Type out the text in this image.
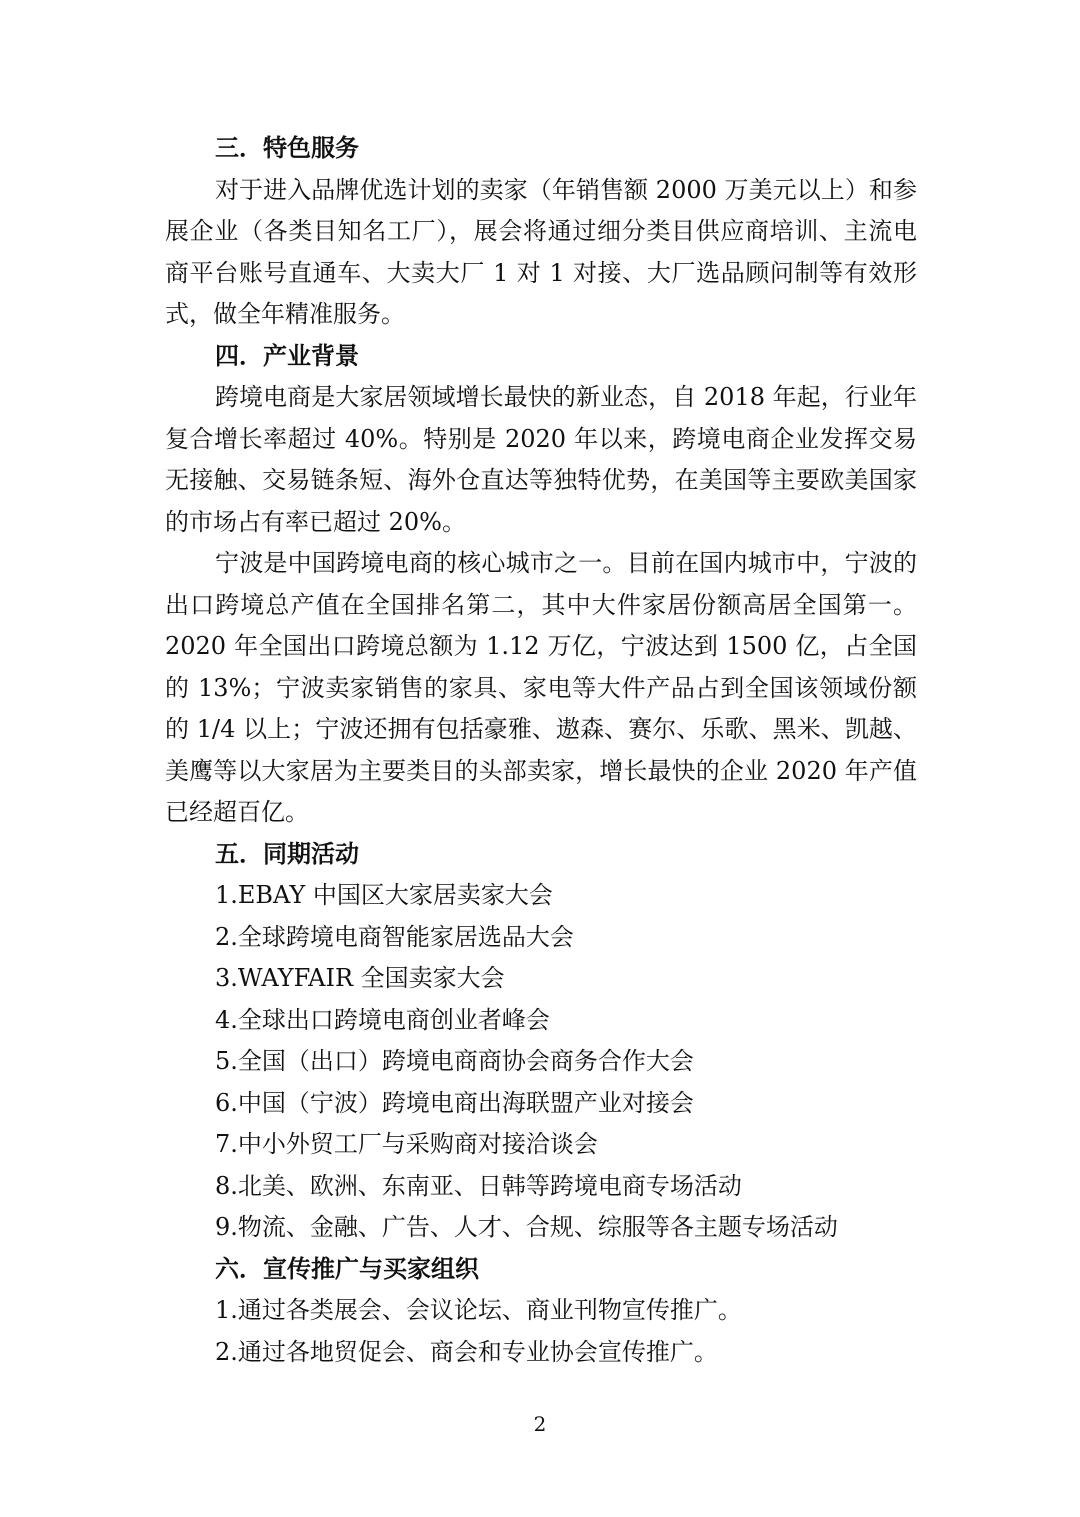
三．特色服务

对于进入品牌优选计划的卖家（年销售额 2000 万美元以上）和参展企业（各类目知名工厂），展会将通过细分类目供应商培训、主流电商平台账号直通车、大卖大厂 1 对 1 对接、大厂选品顾问制等有效形式，做全年精准服务。

四．产业背景

跨境电商是大家居领域增长最快的新业态，自 2018 年起，行业年复合增长率超过 40%。特别是 2020 年以来，跨境电商企业发挥交易无接触、交易链条短、海外仓直达等独特优势，在美国等主要欧美国家的市场占有率已超过 20%。

宁波是中国跨境电商的核心城市之一。目前在国内城市中，宁波的出口跨境总产值在全国排名第二，其中大件家居份额高居全国第一。2020 年全国出口跨境总额为 1.12 万亿，宁波达到 1500 亿，占全国的 13%；宁波卖家销售的家具、家电等大件产品占到全国该领域份额的 1/4 以上；宁波还拥有包括豪雅、遨森、赛尔、乐歌、黑米、凯越、美鹰等以大家居为主要类目的头部卖家，增长最快的企业 2020 年产值已经超百亿。

五．同期活动

1.EBAY 中国区大家居卖家大会

2.全球跨境电商智能家居选品大会

3.WAYFAIR 全国卖家大会

4.全球出口跨境电商创业者峰会

5.全国（出口）跨境电商商协会商务合作大会

6.中国（宁波）跨境电商出海联盟产业对接会

7.中小外贸工厂与采购商对接洽谈会

8.北美、欧洲、东南亚、日韩等跨境电商专场活动

9.物流、金融、广告、人才、合规、综服等各主题专场活动

六．宣传推广与买家组织

1.通过各类展会、会议论坛、商业刊物宣传推广。

2.通过各地贸促会、商会和专业协会宣传推广。

2
